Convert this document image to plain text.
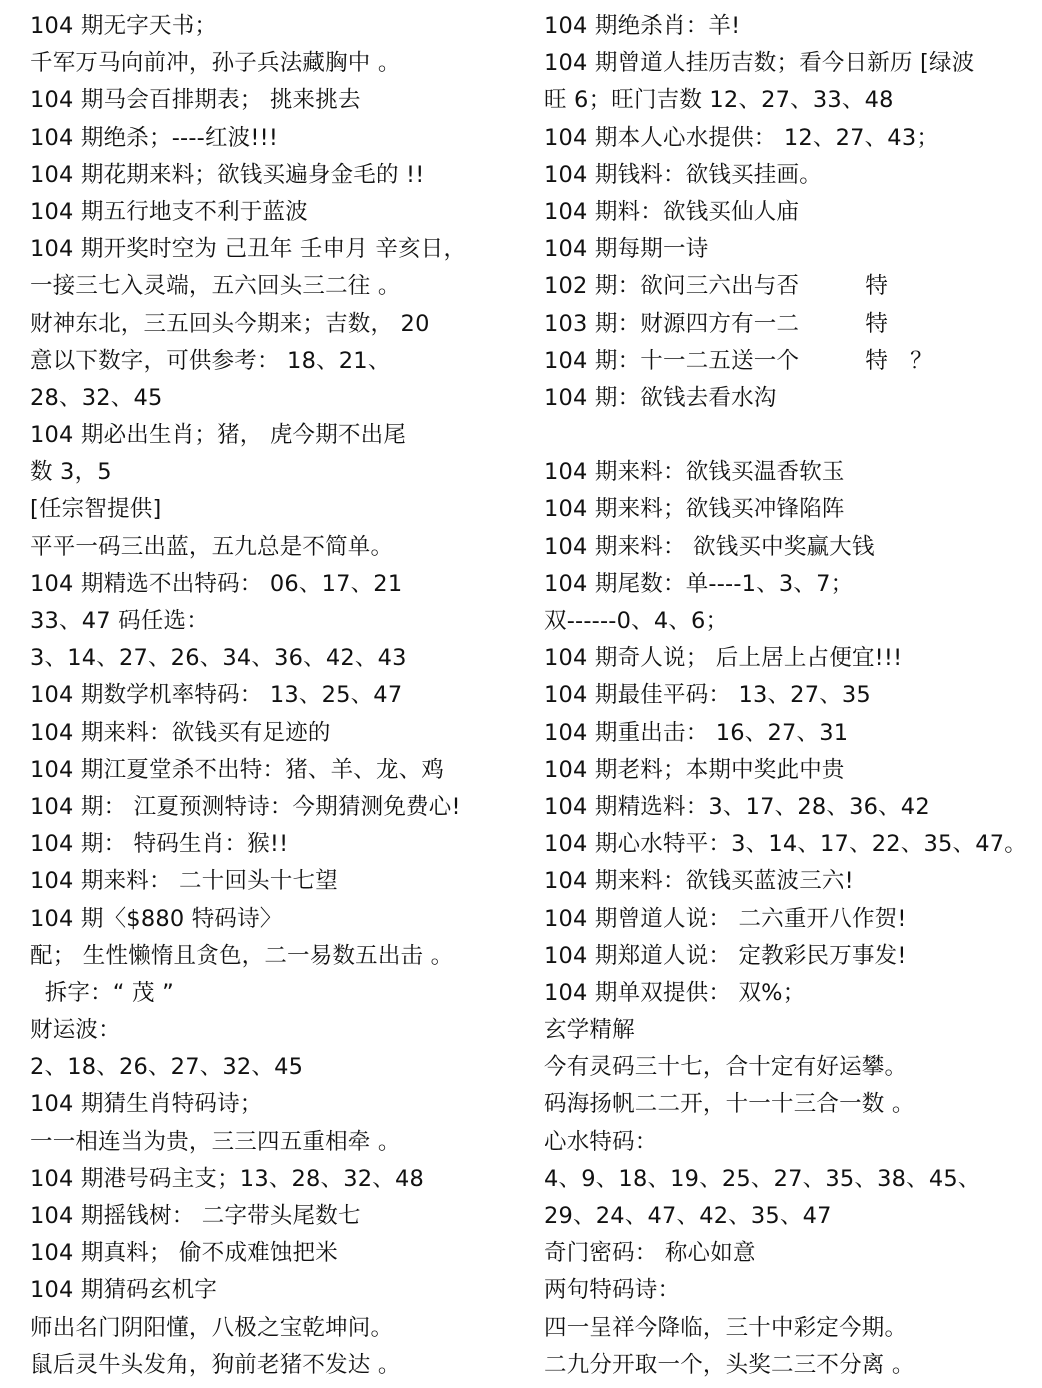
104 期无字天书；
千军万马向前冲，孙子兵法藏胸中 。
104 期马会百排期表； 挑来挑去
104 期绝杀；----红波!!!
104 期花期来料；欲钱买遍身金毛的 !!
104 期五行地支不利于蓝波
104 期开奖时空为 己丑年 壬申月 辛亥日，
一接三七入灵端，五六回头三二往 。
财神东北，三五回头今期来；吉数， 20
意以下数字，可供参考： 18、21、
28、32、45
104 期必出生肖；猪， 虎今期不出尾
数 3，5
[任宗智提供]
平平一码三出蓝，五九总是不简单。
104 期精选不出特码： 06、17、21
33、47 码任选：
3、14、27、26、34、36、42、43
104 期数学机率特码： 13、25、47
104 期来料：欲钱买有足迹的
104 期江夏堂杀不出特：猪、羊、龙、鸡
104 期： 江夏预测特诗：今期猜测免费心!
104 期： 特码生肖：猴!!
104 期来料： 二十回头十七望
104 期〈$880 特码诗〉
配； 生性懒惰且贪色，二一易数五出击 。
拆字：“ 茂 ”
财运波：
2、18、26、27、32、45
104 期猜生肖特码诗；
一一相连当为贵，三三四五重相牵 。
104 期港号码主支；13、28、32、48
104 期摇钱树： 二字带头尾数七
104 期真料； 偷不成难蚀把米
104 期猜码玄机字
师出名门阴阳懂，八极之宝乾坤问。
鼠后灵牛头发角，狗前老猪不发达 。
104 期绝杀肖：羊!
104 期曾道人挂历吉数；看今日新历 [绿波
旺 6；旺门吉数 12、27、33、48
104 期本人心水提供： 12、27、43；
104 期钱料：欲钱买挂画。
104 期料：欲钱买仙人庙
104 期每期一诗
102 期：欲问三六出与否         特
103 期：财源四方有一二         特
104 期：十一二五送一个         特   ？
104 期：欲钱去看水沟
104 期来料：欲钱买温香软玉
104 期来料；欲钱买冲锋陷阵
104 期来料： 欲钱买中奖赢大钱
104 期尾数：单----1、3、7；
双------0、4、6；
104 期奇人说； 后上居上占便宜!!!
104 期最佳平码： 13、27、35
104 期重出击： 16、27、31
104 期老料；本期中奖此中贵
104 期精选料：3、17、28、36、42
104 期心水特平：3、14、17、22、35、47。
104 期来料：欲钱买蓝波三六!
104 期曾道人说： 二六重开八作贺!
104 期郑道人说： 定教彩民万事发!
104 期单双提供： 双%；
玄学精解
今有灵码三十七，合十定有好运攀。
码海扬帆二二开，十一十三合一数 。
心水特码：
4、9、18、19、25、27、35、38、45、
29、24、47、42、35、47
奇门密码： 称心如意
两句特码诗：
四一呈祥今降临，三十中彩定今期。
二九分开取一个，头奖二三不分离 。
